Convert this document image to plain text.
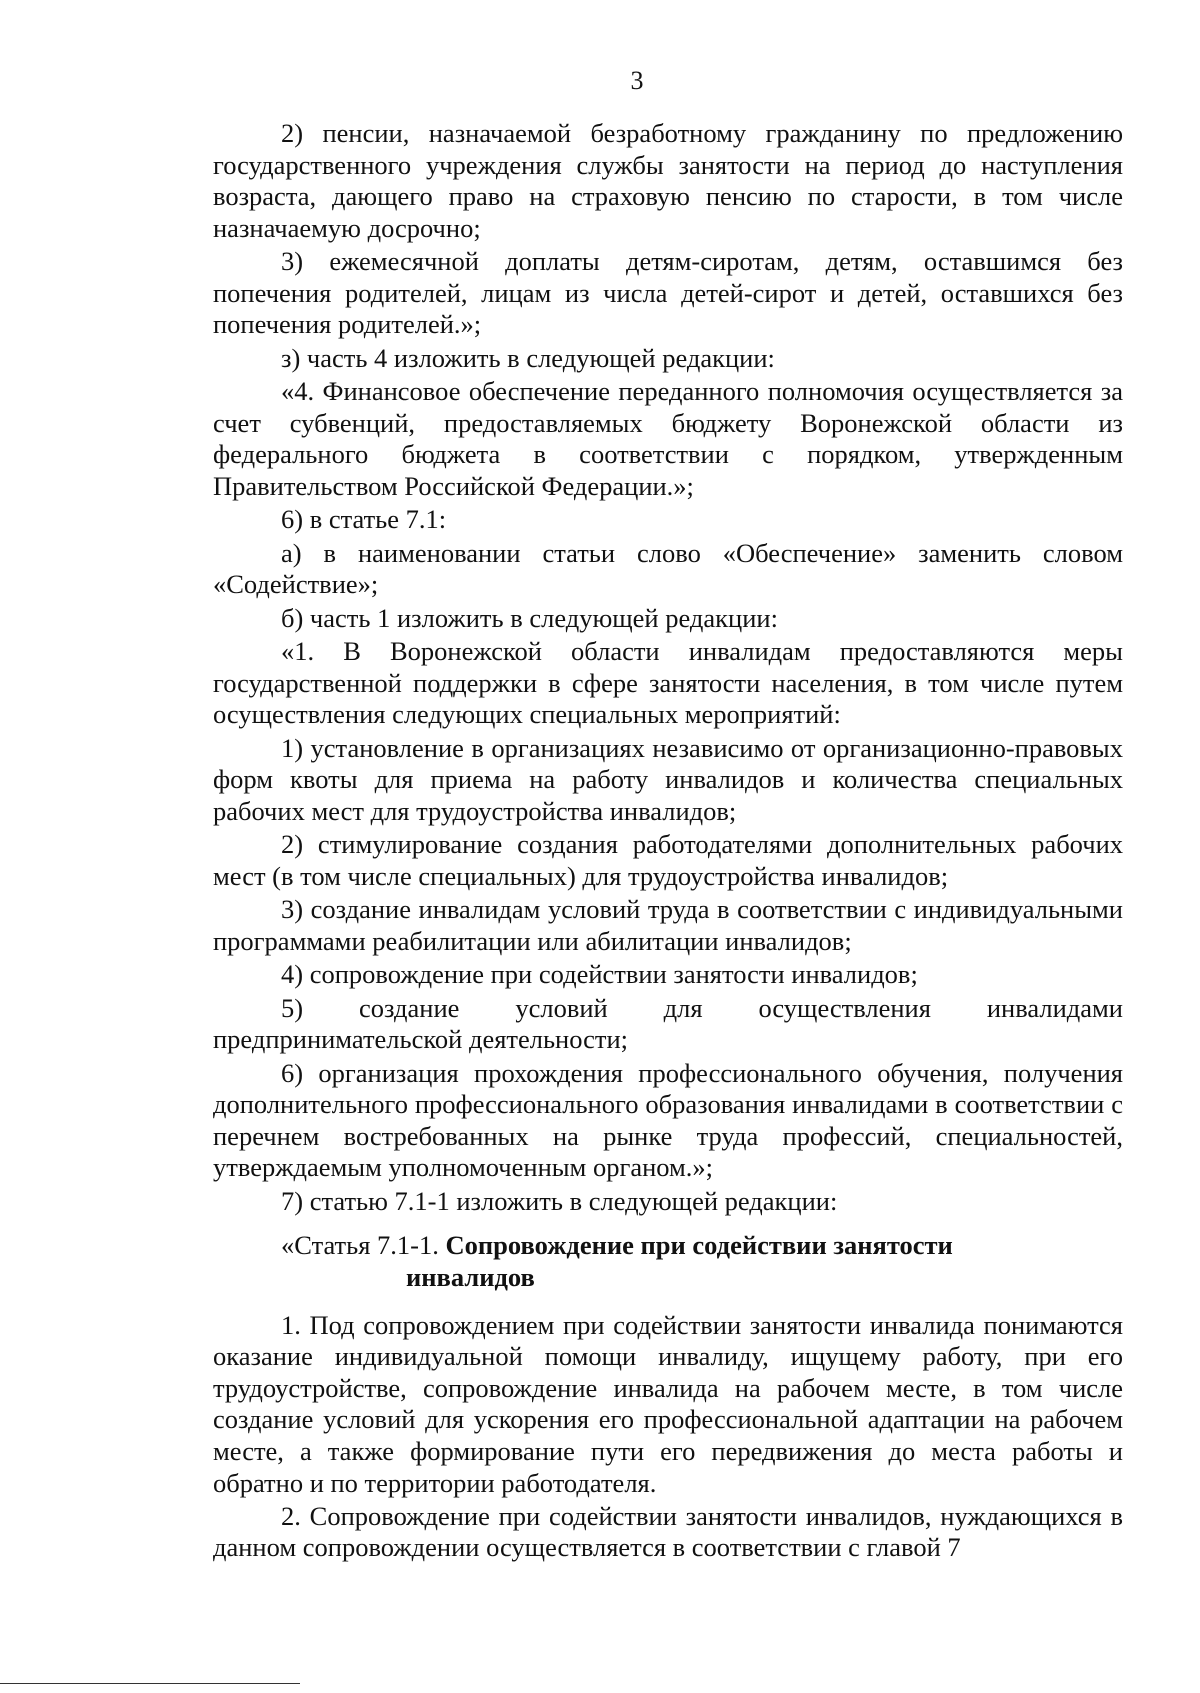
3

2) пенсии, назначаемой безработному гражданину по предложению государственного учреждения службы занятости на период до наступления возраста, дающего право на страховую пенсию по старости, в том числе назначаемую досрочно;

3) ежемесячной доплаты детям-сиротам, детям, оставшимся без попечения родителей, лицам из числа детей-сирот и детей, оставшихся без попечения родителей.»;

з) часть 4 изложить в следующей редакции:

«4. Финансовое обеспечение переданного полномочия осуществляется за счет субвенций, предоставляемых бюджету Воронежской области из федерального бюджета в соответствии с порядком, утвержденным Правительством Российской Федерации.»;

6) в статье 7.1:

а) в наименовании статьи слово «Обеспечение» заменить словом «Содействие»;

б) часть 1 изложить в следующей редакции:

«1. В Воронежской области инвалидам предоставляются меры государственной поддержки в сфере занятости населения, в том числе путем осуществления следующих специальных мероприятий:

1) установление в организациях независимо от организационно-правовых форм квоты для приема на работу инвалидов и количества специальных рабочих мест для трудоустройства инвалидов;

2) стимулирование создания работодателями дополнительных рабочих мест (в том числе специальных) для трудоустройства инвалидов;

3) создание инвалидам условий труда в соответствии с индивидуальными программами реабилитации или абилитации инвалидов;

4) сопровождение при содействии занятости инвалидов;

5) создание условий для осуществления инвалидами предпринимательской деятельности;

6) организация прохождения профессионального обучения, получения дополнительного профессионального образования инвалидами в соответствии с перечнем востребованных на рынке труда профессий, специальностей, утверждаемым уполномоченным органом.»;

7) статью 7.1-1 изложить в следующей редакции:

«Статья 7.1-1. Сопровождение при содействии занятости
инвалидов

1. Под сопровождением при содействии занятости инвалида понимаются оказание индивидуальной помощи инвалиду, ищущему работу, при его трудоустройстве, сопровождение инвалида на рабочем месте, в том числе создание условий для ускорения его профессиональной адаптации на рабочем месте, а также формирование пути его передвижения до места работы и обратно и по территории работодателя.

2. Сопровождение при содействии занятости инвалидов, нуждающихся в данном сопровождении осуществляется в соответствии с главой 7
